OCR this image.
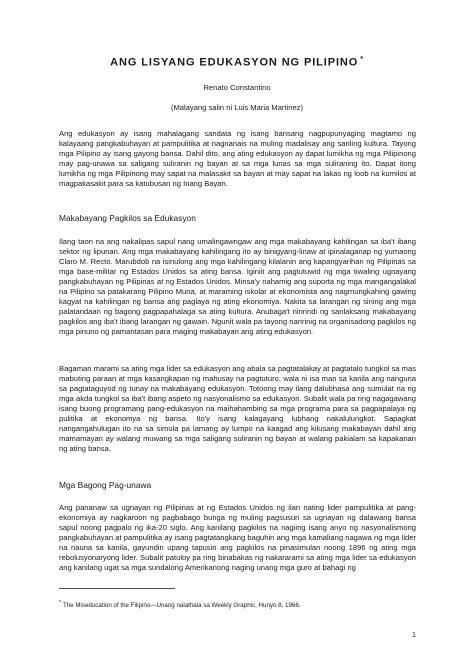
ANG LISYANG EDUKASYON NG PILIPINO *
Renato Constantino
(Malayang salin ni Luis Maria Martinez)

Ang edukasyon ay isang mahalagang sandata ng isang bansang nagpupunyaging magtamo ng kalayaang pangkabuhayan at pampulitika at nagnanais na muling madalisay ang sariling kultura. Tayong mga Pilipino ay isang gayong bansa. Dahil dito, ang ating edukasyon ay dapat lumikha ng mga Pilipinong may pag-unawa sa saligang suliranin ng bayan at sa mga lunas sa mga suliraning ito. Dapat itong lumikha ng mga Pilipinong may sapat na malasakit sa bayan at may sapat na lakas ng loob na kumilos at magpakasakit para sa katubusan ng Inang Bayan.

Makabayang Pagkilos sa Edukasyon

Ilang taon na ang nakalipas sapul nang umalingawngaw ang mga makabayang kahilingan sa iba't ibang sektor ng lipunan. Ang mga makabayang kahilingang ito ay binigyang-linaw at ipinalaganap ng yumaong Claro M. Recto. Marubdob na isinulong ang mga kahilingang kilalanin ang kapangyarihan ng Pilipinas sa mga base-militar ng Estados Unidos sa ating bansa. Iginiit ang pagtutuwid ng mga tiwaling ugnayang pangkabuhayan ng Pilipinas at ng Estados Unidos. Minsa'y nahamig ang suporta ng mga mangangalakal na Pilipino sa patakarang Pilipino Muna, at maraming iskolar at ekonomista ang nagmungkahing gawing kagyat na kahilingan ng bansa ang paglaya ng ating ekonomiya. Nakita sa larangan ng sining ang mga palatandaan ng bagong pagpapahalaga sa ating kultura. Anubaga't niririndi ng sanlaksang makabayang pagkilos ang iba't ibang larangan ng gawain. Ngunit wala pa tayong naririnig na organisadong pagkilos ng mga pinuno ng pamantasan para maging makabayan ang ating edukasyon.

Bagaman marami sa ating mga lider sa edukasyon ang abala sa pagtatalakay at pagtatalo tungkol sa mas mabuting paraan at mga kasangkapan ng mahusay na pagtuturo, wala ni isa man sa kanila ang nanguna sa pagtataguyod ng tunay na makabayang edukasyon. Totoong may ilang dalubhasa ang sumulat na ng mga akda tungkol sa iba't ibang aspeto ng nasyonalismo sa edukasyon. Subalit wala pa ring nagagawang isang buong programang pang-edukasyon na maihahambing sa mga programa para sa pagpapalaya ng pulitika at ekonomya ng bansa. Ito'y isang kalagayang lubhang nakalulungkot. Sapagkat nangangahulugan ito na sa simula pa lamang ay lumpo na kaagad ang kilusang makabayan dahil ang mamamayan ay walang muwang sa mga saligang suliranin ng bayan at walang pakialam sa kapakanan ng ating bansa.

Mga Bagong Pag-unawa

Ang pananaw sa ugnayan ng Pilipinas at ng Estados Unidos ng ilan nating lider pampulitika at pang-ekonomiya ay nagkaroon ng pagbabago bunga ng muling pagsusuri sa ugnayan ng dalawang bansa sapul noong pagpalo ng ika-20 siglo. Ang kanilang pagkilos na nagiing isang anyo ng nasyonalismong pangkabuhayan at pampulitika ay isang pagtatangkang baguhin ang mga kamaliang nagawa ng mga lider na nauna sa kanila, gayundin upang tapusin ang pagkilos na pinasimulan noong 1896 ng ating mga rebolusyonaryong lider. Subalit patuloy pa ring binabakas ng nakararami sa ating mga lider sa edukasyon ang kanilang ugat sa mga sundalong Amerikanong naging unang mga guro at bahagi ng

* The Miseducation of the Filipino—Unang nalathala sa Weekly Graphic, Hunyo 8, 1966.
1
